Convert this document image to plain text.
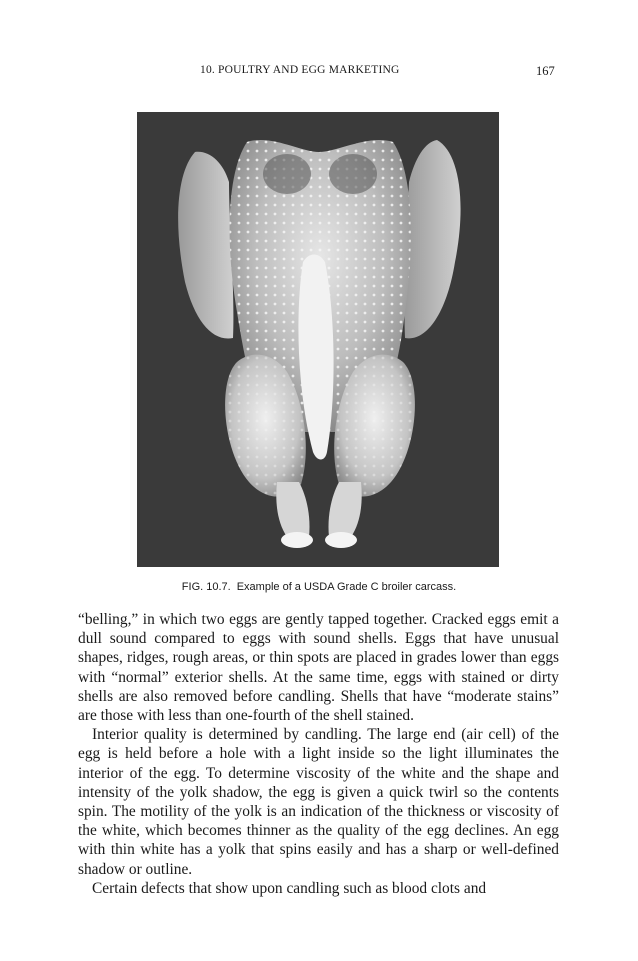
10. POULTRY AND EGG MARKETING	167
FIG. 10.7. Example of a USDA Grade C broiler carcass.

“belling,” in which two eggs are gently tapped together. Cracked eggs emit a dull sound compared to eggs with sound shells. Eggs that have unusual shapes, ridges, rough areas, or thin spots are placed in grades lower than eggs with “normal” exterior shells. At the same time, eggs with stained or dirty shells are also removed before candling. Shells that have “moderate stains” are those with less than one-fourth of the shell stained.

Interior quality is determined by candling. The large end (air cell) of the egg is held before a hole with a light inside so the light illuminates the interior of the egg. To determine viscosity of the white and the shape and intensity of the yolk shadow, the egg is given a quick twirl so the contents spin. The motility of the yolk is an indication of the thickness or viscosity of the white, which becomes thinner as the quality of the egg declines. An egg with thin white has a yolk that spins easily and has a sharp or well-defined shadow or outline.

Certain defects that show upon candling such as blood clots and
